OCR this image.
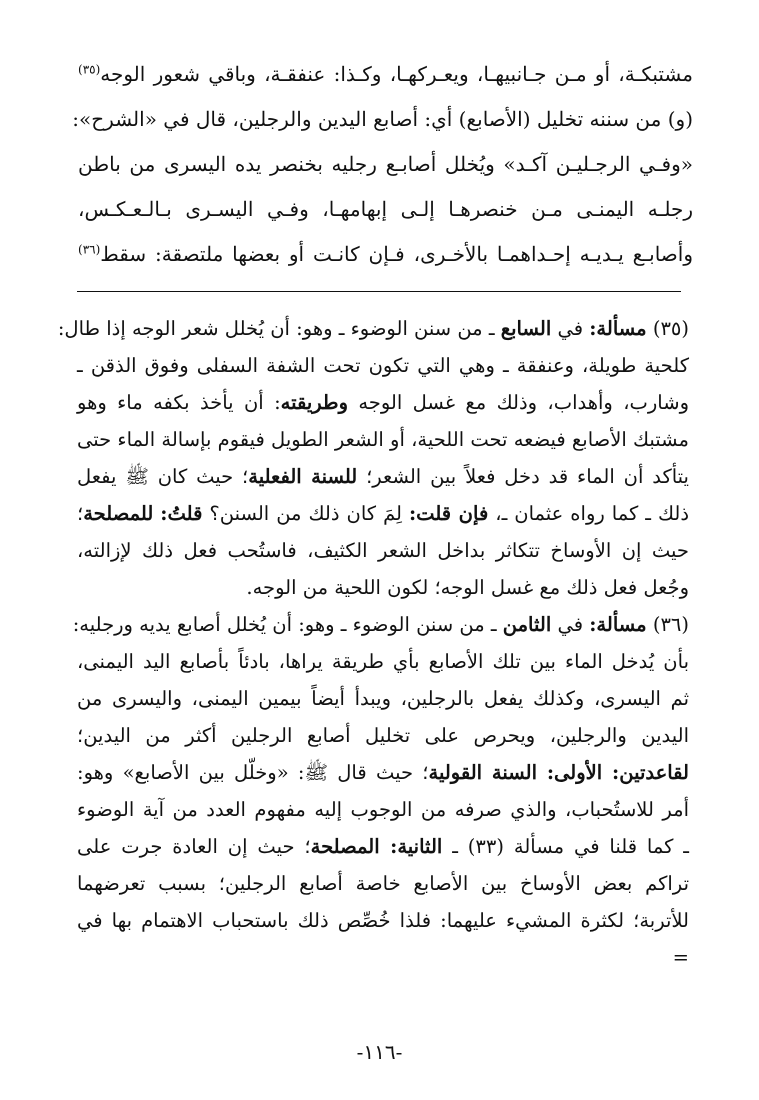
مشتبكـة، أو مـن جـانبيهـا، ويعـركهـا، وكـذا: عنفقـة، وباقي شعور الوجه$^{(٣٥)}$
(و) من سننه تخليل (الأصابع) أي: أصابع اليدين والرجلين، قال في «الشرح»:
«وفـي الرجـليـن آكـد» ويُخلل أصابـع رجليه بخنصر يده اليسرى من باطن
رجلـه اليمنـى مـن خنصرهـا إلـى إبهامهـا، وفـي اليسـرى بـالـعـكـس،
وأصابـع يـديـه إحـداهمـا بالأخـرى، فـإن كانـت أو بعضها ملتصقة: سقط$^{(٣٦)}$
(٣٥) مسألة: في السابع ـ من سنن الوضوء ـ وهو: أن يُخلل شعر الوجه إذا طال:
كلحية طويلة، وعنفقة ـ وهي التي تكون تحت الشفة السفلى وفوق الذقن ـ
وشارب، وأهداب، وذلك مع غسل الوجه وطريقته: أن يأخذ بكفه ماء وهو
مشتبك الأصابع فيضعه تحت اللحية، أو الشعر الطويل فيقوم بإسالة الماء حتى
يتأكد أن الماء قد دخل فعلاً بين الشعر؛ للسنة الفعلية؛ حيث كان ﷺ يفعل
ذلك ـ كما رواه عثمان ـ، فإن قلت: لِمَ كان ذلك من السنن؟ قلتُ: للمصلحة؛
حيث إن الأوساخ تتكاثر بداخل الشعر الكثيف، فاستُحب فعل ذلك لإزالته،
وجُعل فعل ذلك مع غسل الوجه؛ لكون اللحية من الوجه.
(٣٦) مسألة: في الثامن ـ من سنن الوضوء ـ وهو: أن يُخلل أصابع يديه ورجليه:
بأن يُدخل الماء بين تلك الأصابع بأي طريقة يراها، بادئاً بأصابع اليد اليمنى،
ثم اليسرى، وكذلك يفعل بالرجلين، ويبدأ أيضاً بيمين اليمنى، واليسرى من
اليدين والرجلين، ويحرص على تخليل أصابع الرجلين أكثر من اليدين؛
لقاعدتين: الأولى: السنة القولية؛ حيث قال ﷺ: «وخلّل بين الأصابع» وهو:
أمر للاستُحباب، والذي صرفه من الوجوب إليه مفهوم العدد من آية الوضوء
ـ كما قلنا في مسألة (٣٣) ـ الثانية: المصلحة؛ حيث إن العادة جرت على
تراكم بعض الأوساخ بين الأصابع خاصة أصابع الرجلين؛ بسبب تعرضهما
للأتربة؛ لكثرة المشيء عليهما: فلذا خُصِّص ذلك باستحباب الاهتمام بها في
=
-١١٦-
